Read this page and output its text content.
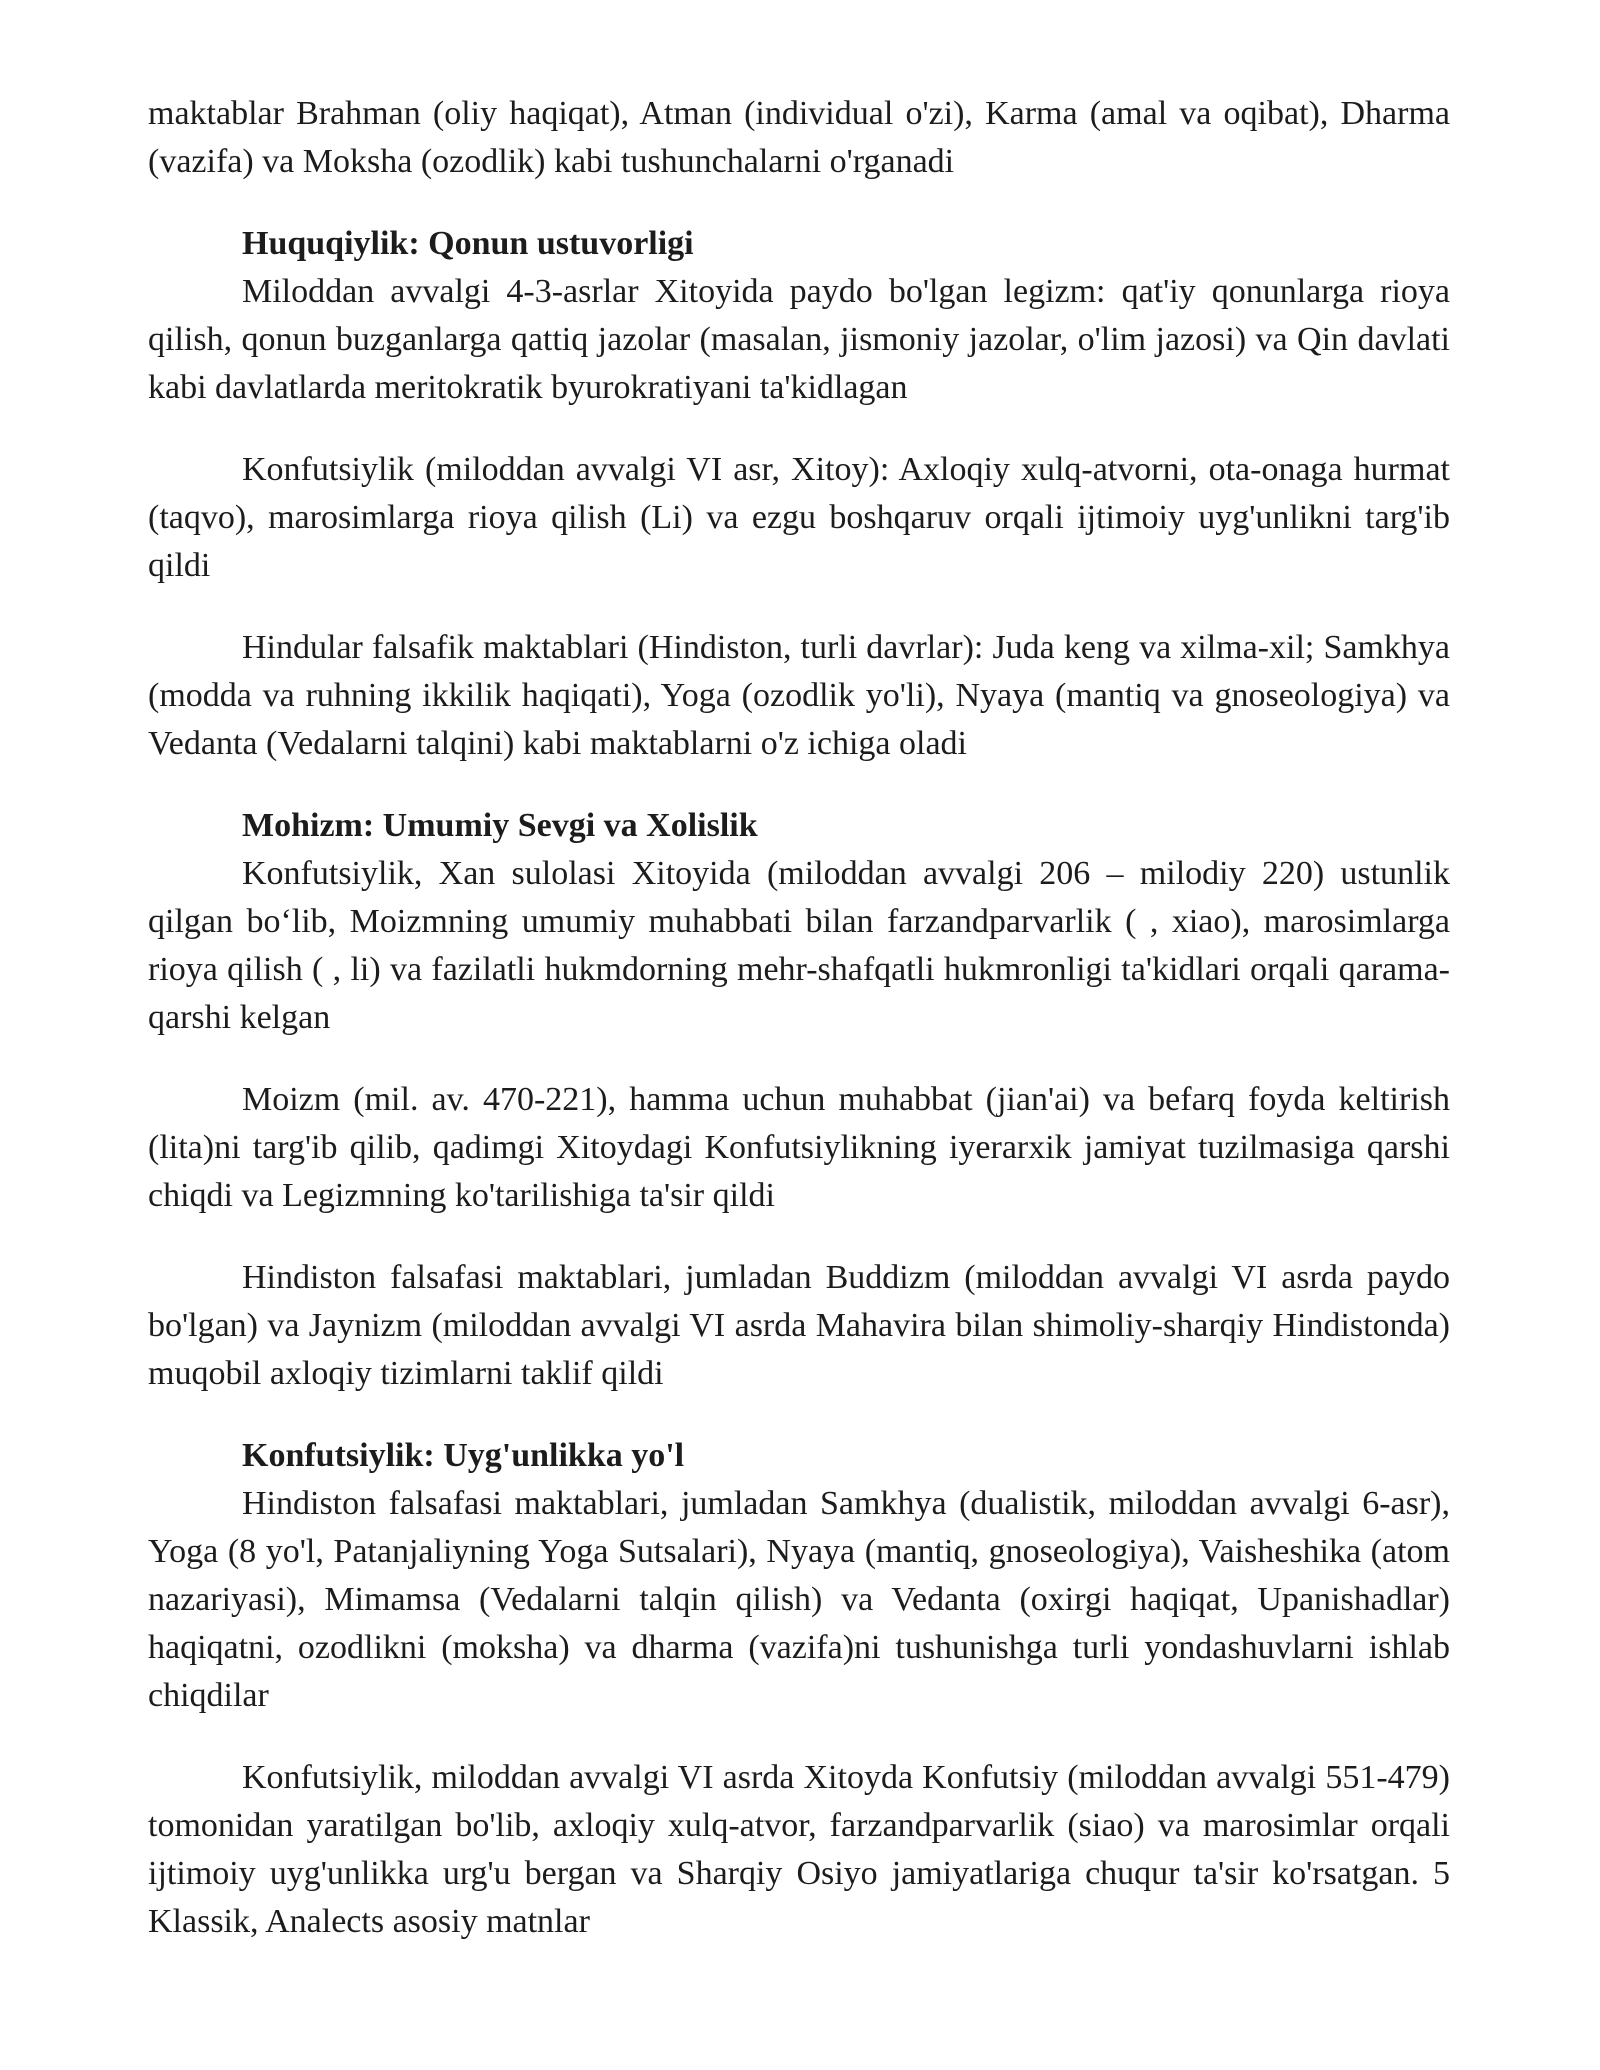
maktablar Brahman (oliy haqiqat), Atman (individual o'zi), Karma (amal va oqibat), Dharma (vazifa) va Moksha (ozodlik) kabi tushunchalarni o'rganadi

Huquqiylik: Qonun ustuvorligi

Miloddan avvalgi 4-3-asrlar Xitoyida paydo bo'lgan legizm: qat'iy qonunlarga rioya qilish, qonun buzganlarga qattiq jazolar (masalan, jismoniy jazolar, o'lim jazosi) va Qin davlati kabi davlatlarda meritokratik byurokratiyani ta'kidlagan

Konfutsiylik (miloddan avvalgi VI asr, Xitoy): Axloqiy xulq-atvorni, ota-onaga hurmat (taqvo), marosimlarga rioya qilish (Li) va ezgu boshqaruv orqali ijtimoiy uyg'unlikni targ'ib qildi

Hindular falsafik maktablari (Hindiston, turli davrlar): Juda keng va xilma-xil; Samkhya (modda va ruhning ikkilik haqiqati), Yoga (ozodlik yo'li), Nyaya (mantiq va gnoseologiya) va Vedanta (Vedalarni talqini) kabi maktablarni o'z ichiga oladi

Mohizm: Umumiy Sevgi va Xolislik

Konfutsiylik, Xan sulolasi Xitoyida (miloddan avvalgi 206 – milodiy 220) ustunlik qilgan bo‘lib, Moizmning umumiy muhabbati bilan farzandparvarlik ( , xiao), marosimlarga rioya qilish ( , li) va fazilatli hukmdorning mehr-shafqatli hukmronligi ta'kidlari orqali qarama-qarshi kelgan

Moizm (mil. av. 470-221), hamma uchun muhabbat (jian'ai) va befarq foyda keltirish (lita)ni targ'ib qilib, qadimgi Xitoydagi Konfutsiylikning iyerarxik jamiyat tuzilmasiga qarshi chiqdi va Legizmning ko'tarilishiga ta'sir qildi

Hindiston falsafasi maktablari, jumladan Buddizm (miloddan avvalgi VI asrda paydo bo'lgan) va Jaynizm (miloddan avvalgi VI asrda Mahavira bilan shimoliy-sharqiy Hindistonda) muqobil axloqiy tizimlarni taklif qildi

Konfutsiylik: Uyg'unlikka yo'l

Hindiston falsafasi maktablari, jumladan Samkhya (dualistik, miloddan avvalgi 6-asr), Yoga (8 yo'l, Patanjaliyning Yoga Sutsalari), Nyaya (mantiq, gnoseologiya), Vaisheshika (atom nazariyasi), Mimamsa (Vedalarni talqin qilish) va Vedanta (oxirgi haqiqat, Upanishadlar) haqiqatni, ozodlikni (moksha) va dharma (vazifa)ni tushunishga turli yondashuvlarni ishlab chiqdilar

Konfutsiylik, miloddan avvalgi VI asrda Xitoyda Konfutsiy (miloddan avvalgi 551-479) tomonidan yaratilgan bo'lib, axloqiy xulq-atvor, farzandparvarlik (siao) va marosimlar orqali ijtimoiy uyg'unlikka urg'u bergan va Sharqiy Osiyo jamiyatlariga chuqur ta'sir ko'rsatgan. 5 Klassik, Analects asosiy matnlar
